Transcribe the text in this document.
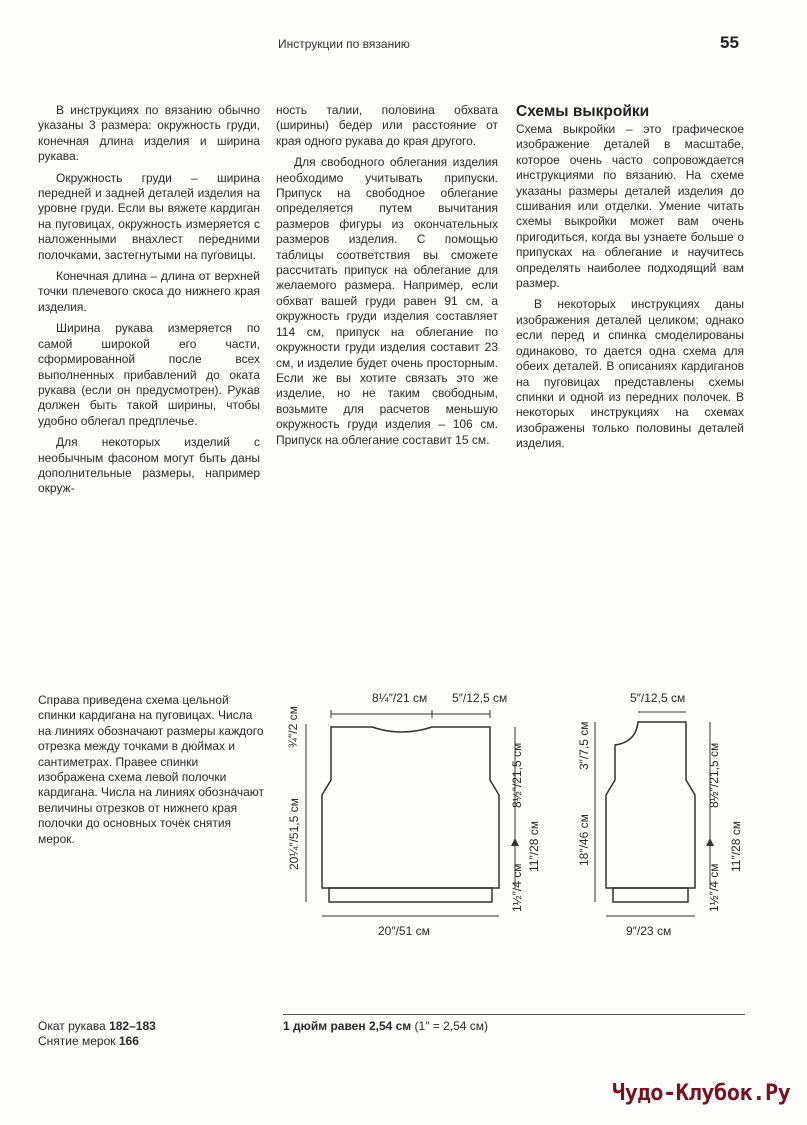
Инструкции по вязанию	55

В инструкциях по вязанию обычно указаны 3 размера: окружность груди, конечная длина изделия и ширина рукава.

Окружность груди – ширина передней и задней деталей изделия на уровне груди. Если вы вяжете кардиган на пуговицах, окружность измеряется с наложенными внахлест передними полочками, застегнутыми на пуговицы.

Конечная длина – длина от верхней точки плечевого скоса до нижнего края изделия.

Ширина рукава измеряется по самой широкой его части, сформированной после всех выполненных прибавлений до оката рукава (если он предусмотрен). Рукав должен быть такой ширины, чтобы удобно облегал предплечье.

Для некоторых изделий с необычным фасоном могут быть даны дополнительные размеры, например окруж-

ность талии, половина обхвата (ширины) бедер или расстояние от края одного рукава до края другого.

Для свободного облегания изделия необходимо учитывать припуски. Припуск на свободное облегание определяется путем вычитания размеров фигуры из окончательных размеров изделия. С помощью таблицы соответствия вы сможете рассчитать припуск на облегание для желаемого размера. Например, если обхват вашей груди равен 91 см, а окружность груди изделия составляет 114 см, припуск на облегание по окружности груди изделия составит 23 см, и изделие будет очень просторным. Если же вы хотите связать это же изделие, но не таким свободным, возьмите для расчетов меньшую окружность груди изделия – 106 см. Припуск на облегание составит 15 см.

Схемы выкройки

Схема выкройки – это графическое изображение деталей в масштабе, которое очень часто сопровождается инструкциями по вязанию. На схеме указаны размеры деталей изделия до сшивания или отделки. Умение читать схемы выкройки может вам очень пригодиться, когда вы узнаете больше о припусках на облегание и научитесь определять наиболее подходящий вам размер.

В некоторых инструкциях даны изображения деталей целиком; однако если перед и спинка смоделированы одинаково, то дается одна схема для обеих деталей. В описаниях кардиганов на пуговицах представлены схемы спинки и одной из передних полочек. В некоторых инструкциях на схемах изображены только половины деталей изделия.

Справа приведена схема цельной спинки кардигана на пуговицах. Числа на линиях обозначают размеры каждого отрезка между точками в дюймах и сантиметрах. Правее спинки изображена схема левой полочки кардигана. Числа на линиях обозначают величины отрезков от нижнего края полочки до основных точек снятия мерок.
8¼″/21 см 5″/12,5 см
¾″/2 см
20¼″/51,5 см
8½″/21,5 см
11″/28 см
1½″/4 см
20″/51 см
5″/12,5 см
3″/7,5 см
18″/46 см
8½″/21,5 см
11″/28 см
1½″/4 см
9″/23 см
Окат рукава 182–183
Снятие мерок 166
1 дюйм равен 2,54 см (1″ = 2,54 см)
Чудо-Клубок.Ру
